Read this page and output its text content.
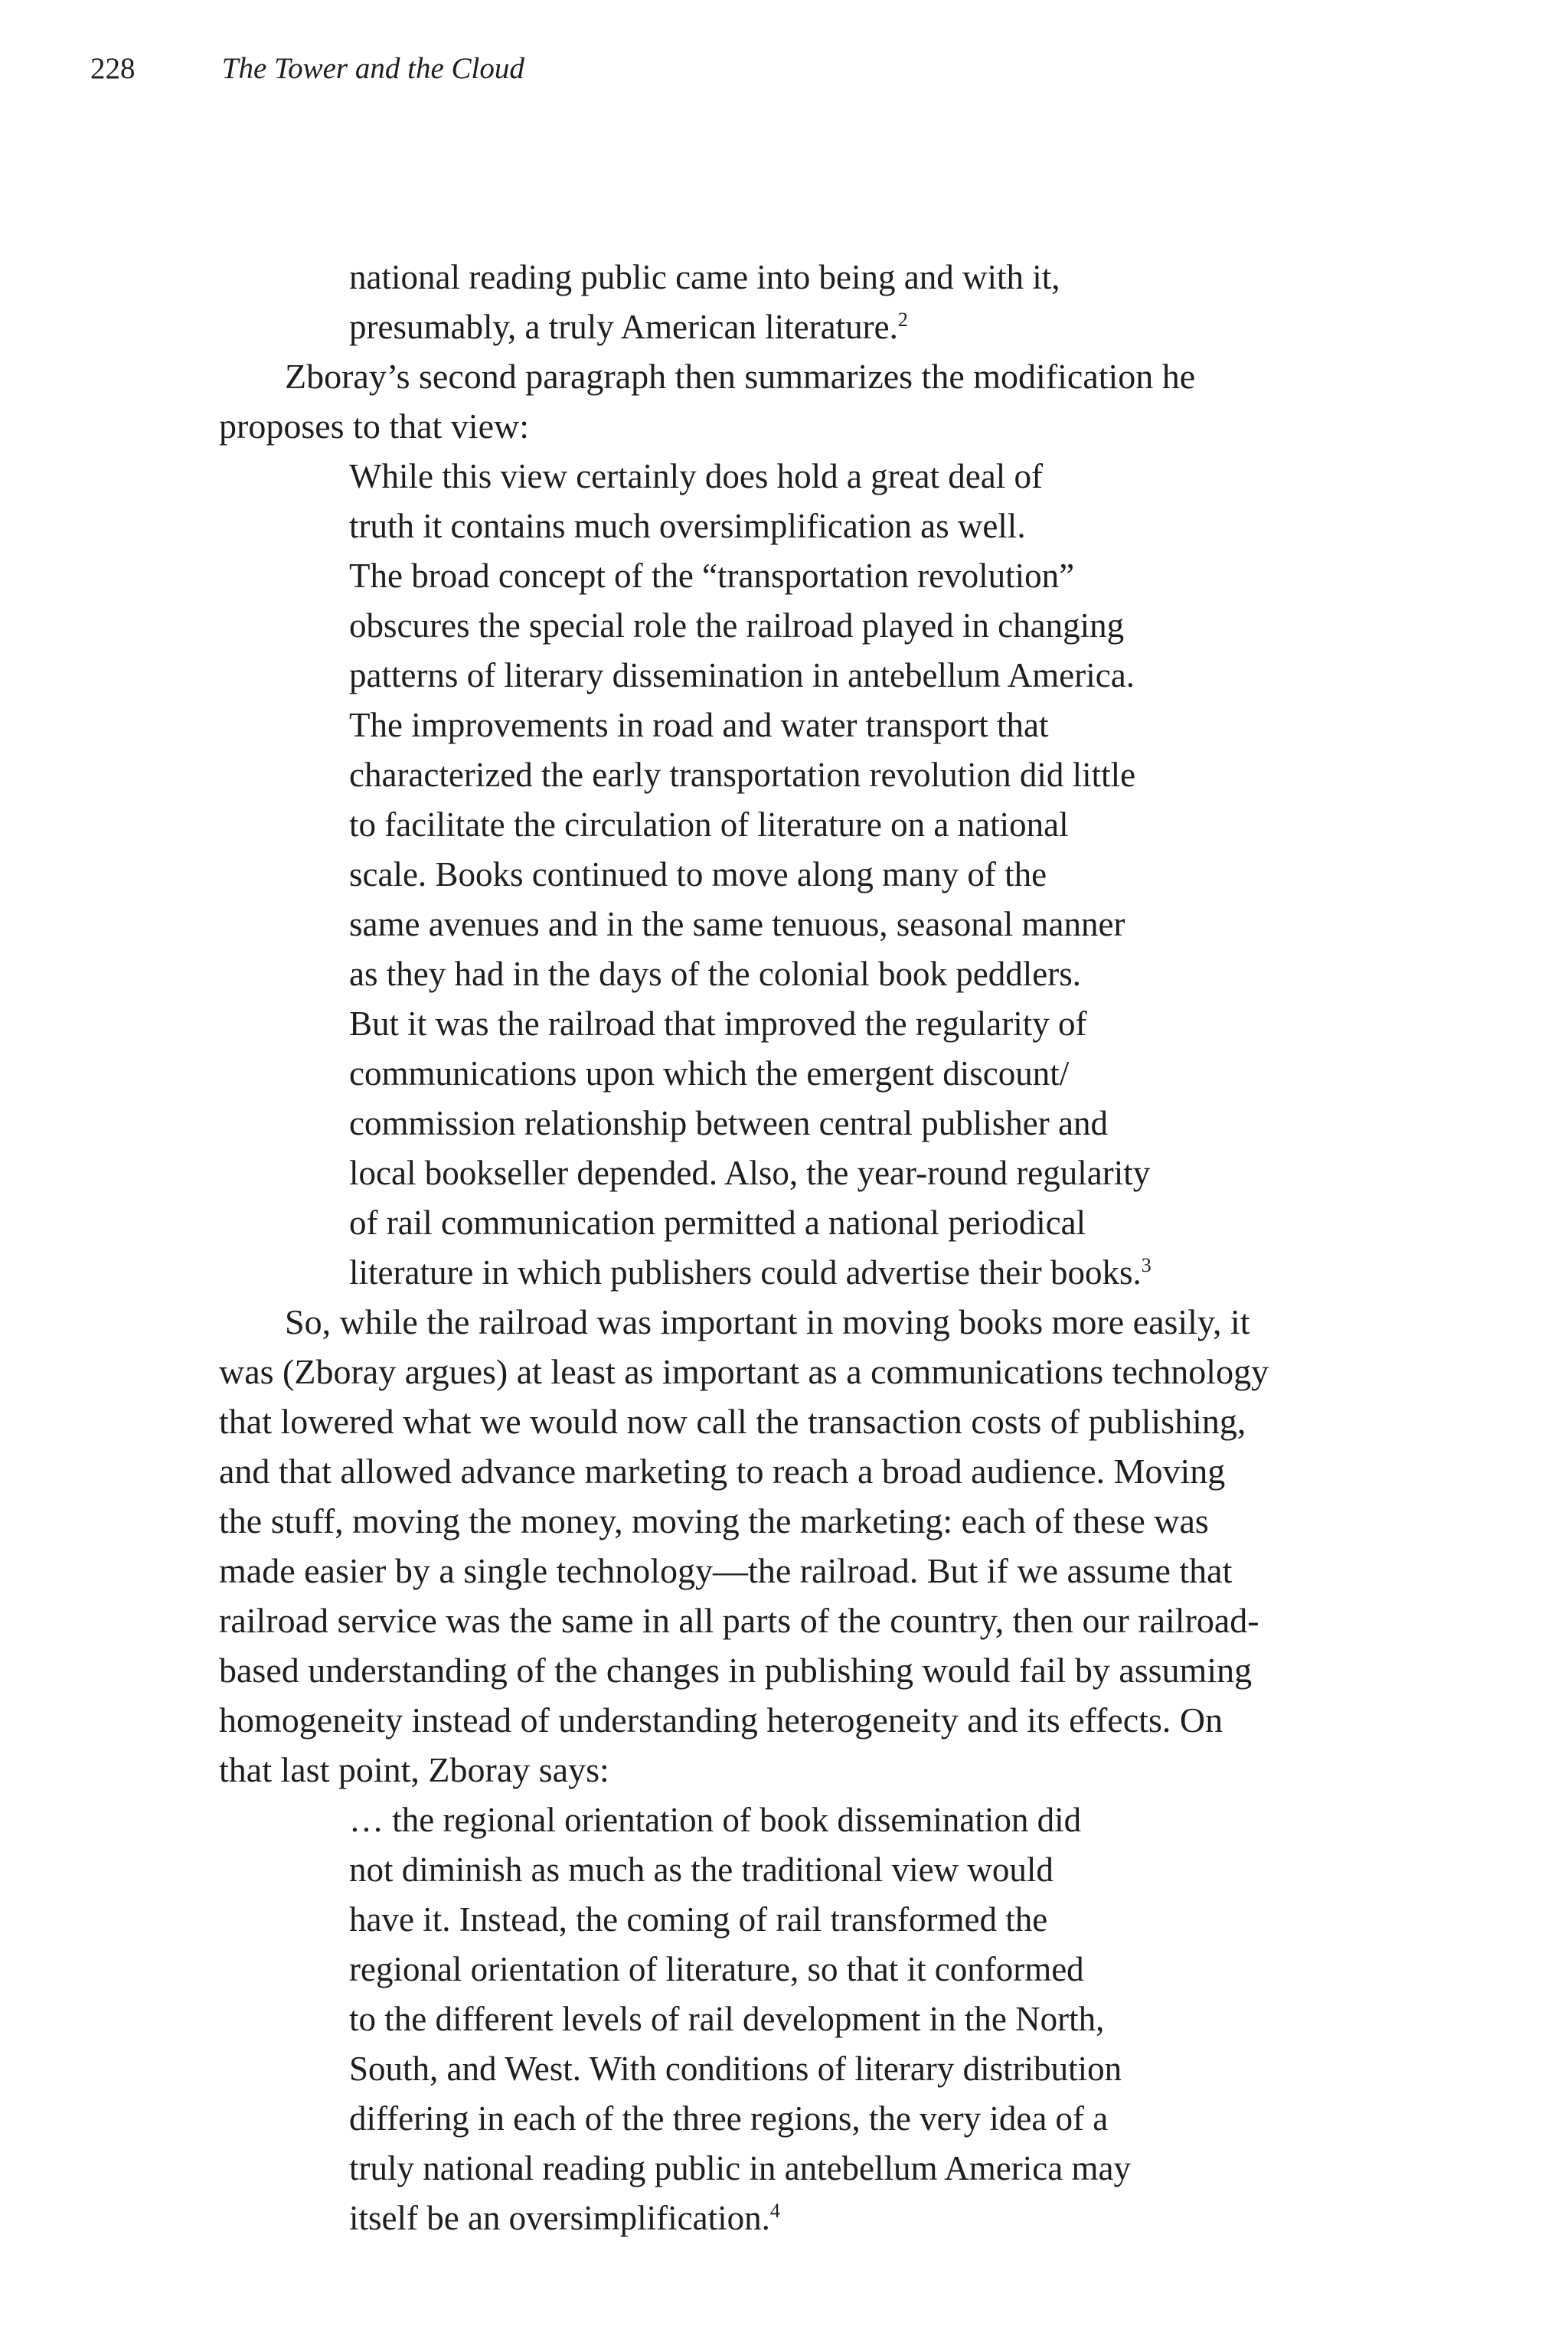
228	The Tower and the Cloud
national reading public came into being and with it,
presumably, a truly American literature.$^2$
Zboray’s second paragraph then summarizes the modification he
proposes to that view:
While this view certainly does hold a great deal of
truth it contains much oversimplification as well.
The broad concept of the “transportation revolution”
obscures the special role the railroad played in changing
patterns of literary dissemination in antebellum America.
The improvements in road and water transport that
characterized the early transportation revolution did little
to facilitate the circulation of literature on a national
scale. Books continued to move along many of the
same avenues and in the same tenuous, seasonal manner
as they had in the days of the colonial book peddlers.
But it was the railroad that improved the regularity of
communications upon which the emergent discount/
commission relationship between central publisher and
local bookseller depended. Also, the year-round regularity
of rail communication permitted a national periodical
literature in which publishers could advertise their books.$^3$
So, while the railroad was important in moving books more easily, it
was (Zboray argues) at least as important as a communications technology
that lowered what we would now call the transaction costs of publishing,
and that allowed advance marketing to reach a broad audience. Moving
the stuff, moving the money, moving the marketing: each of these was
made easier by a single technology—the railroad. But if we assume that
railroad service was the same in all parts of the country, then our railroad-
based understanding of the changes in publishing would fail by assuming
homogeneity instead of understanding heterogeneity and its effects. On
that last point, Zboray says:
… the regional orientation of book dissemination did
not diminish as much as the traditional view would
have it. Instead, the coming of rail transformed the
regional orientation of literature, so that it conformed
to the different levels of rail development in the North,
South, and West. With conditions of literary distribution
differing in each of the three regions, the very idea of a
truly national reading public in antebellum America may
itself be an oversimplification.$^4$
